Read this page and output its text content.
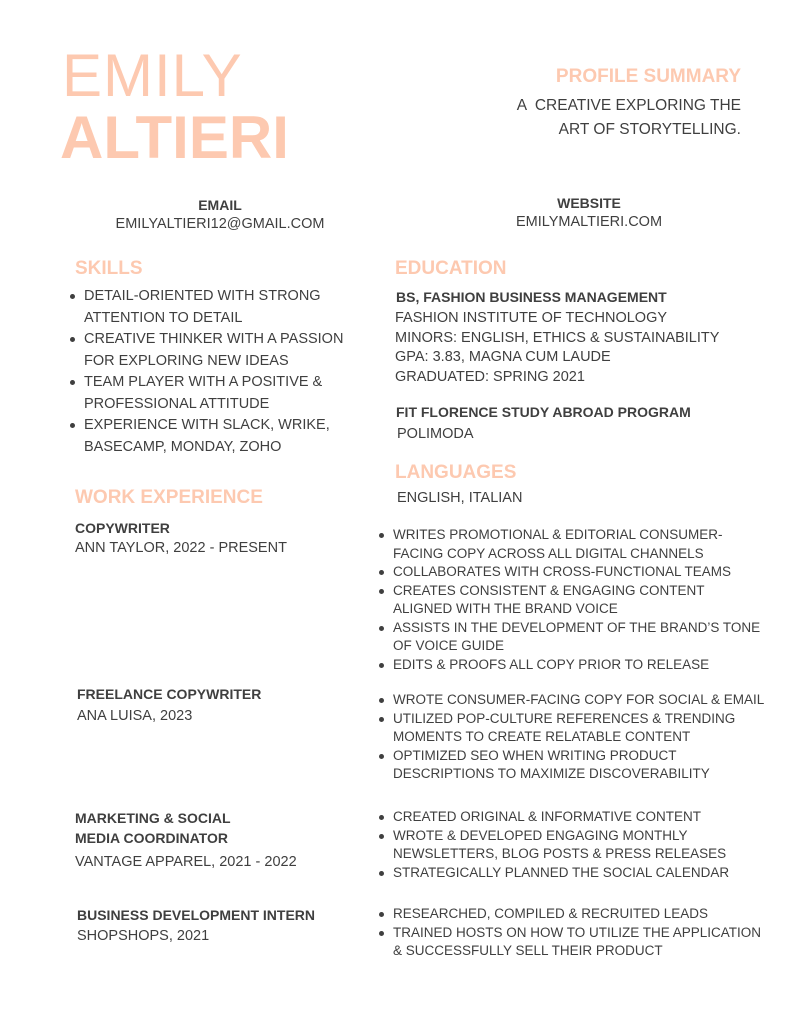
EMILY
ALTIERI
PROFILE SUMMARY
A  CREATIVE EXPLORING THE
ART OF STORYTELLING.
EMAIL
EMILYALTIERI12@GMAIL.COM
WEBSITE
EMILYMALTIERI.COM
SKILLS
DETAIL-ORIENTED WITH STRONG
ATTENTION TO DETAIL
CREATIVE THINKER WITH A PASSION
FOR EXPLORING NEW IDEAS
TEAM PLAYER WITH A POSITIVE &
PROFESSIONAL ATTITUDE
EXPERIENCE WITH SLACK, WRIKE,
BASECAMP, MONDAY, ZOHO
EDUCATION
BS, FASHION BUSINESS MANAGEMENT
FASHION INSTITUTE OF TECHNOLOGY
MINORS: ENGLISH, ETHICS & SUSTAINABILITY
GPA: 3.83, MAGNA CUM LAUDE
GRADUATED: SPRING 2021
FIT FLORENCE STUDY ABROAD PROGRAM
POLIMODA
LANGUAGES
ENGLISH, ITALIAN
WORK EXPERIENCE
COPYWRITER
ANN TAYLOR, 2022 - PRESENT
WRITES PROMOTIONAL & EDITORIAL CONSUMER-
FACING COPY ACROSS ALL DIGITAL CHANNELS
COLLABORATES WITH CROSS-FUNCTIONAL TEAMS
CREATES CONSISTENT & ENGAGING CONTENT
ALIGNED WITH THE BRAND VOICE
ASSISTS IN THE DEVELOPMENT OF THE BRAND’S TONE
OF VOICE GUIDE
EDITS & PROOFS ALL COPY PRIOR TO RELEASE
FREELANCE COPYWRITER
ANA LUISA, 2023
WROTE CONSUMER-FACING COPY FOR SOCIAL & EMAIL
UTILIZED POP-CULTURE REFERENCES & TRENDING
MOMENTS TO CREATE RELATABLE CONTENT
OPTIMIZED SEO WHEN WRITING PRODUCT
DESCRIPTIONS TO MAXIMIZE DISCOVERABILITY
MARKETING & SOCIAL
MEDIA COORDINATOR
VANTAGE APPAREL, 2021 - 2022
CREATED ORIGINAL & INFORMATIVE CONTENT
WROTE & DEVELOPED ENGAGING MONTHLY
NEWSLETTERS, BLOG POSTS & PRESS RELEASES
STRATEGICALLY PLANNED THE SOCIAL CALENDAR
BUSINESS DEVELOPMENT INTERN
SHOPSHOPS, 2021
RESEARCHED, COMPILED & RECRUITED LEADS
TRAINED HOSTS ON HOW TO UTILIZE THE APPLICATION
& SUCCESSFULLY SELL THEIR PRODUCT
